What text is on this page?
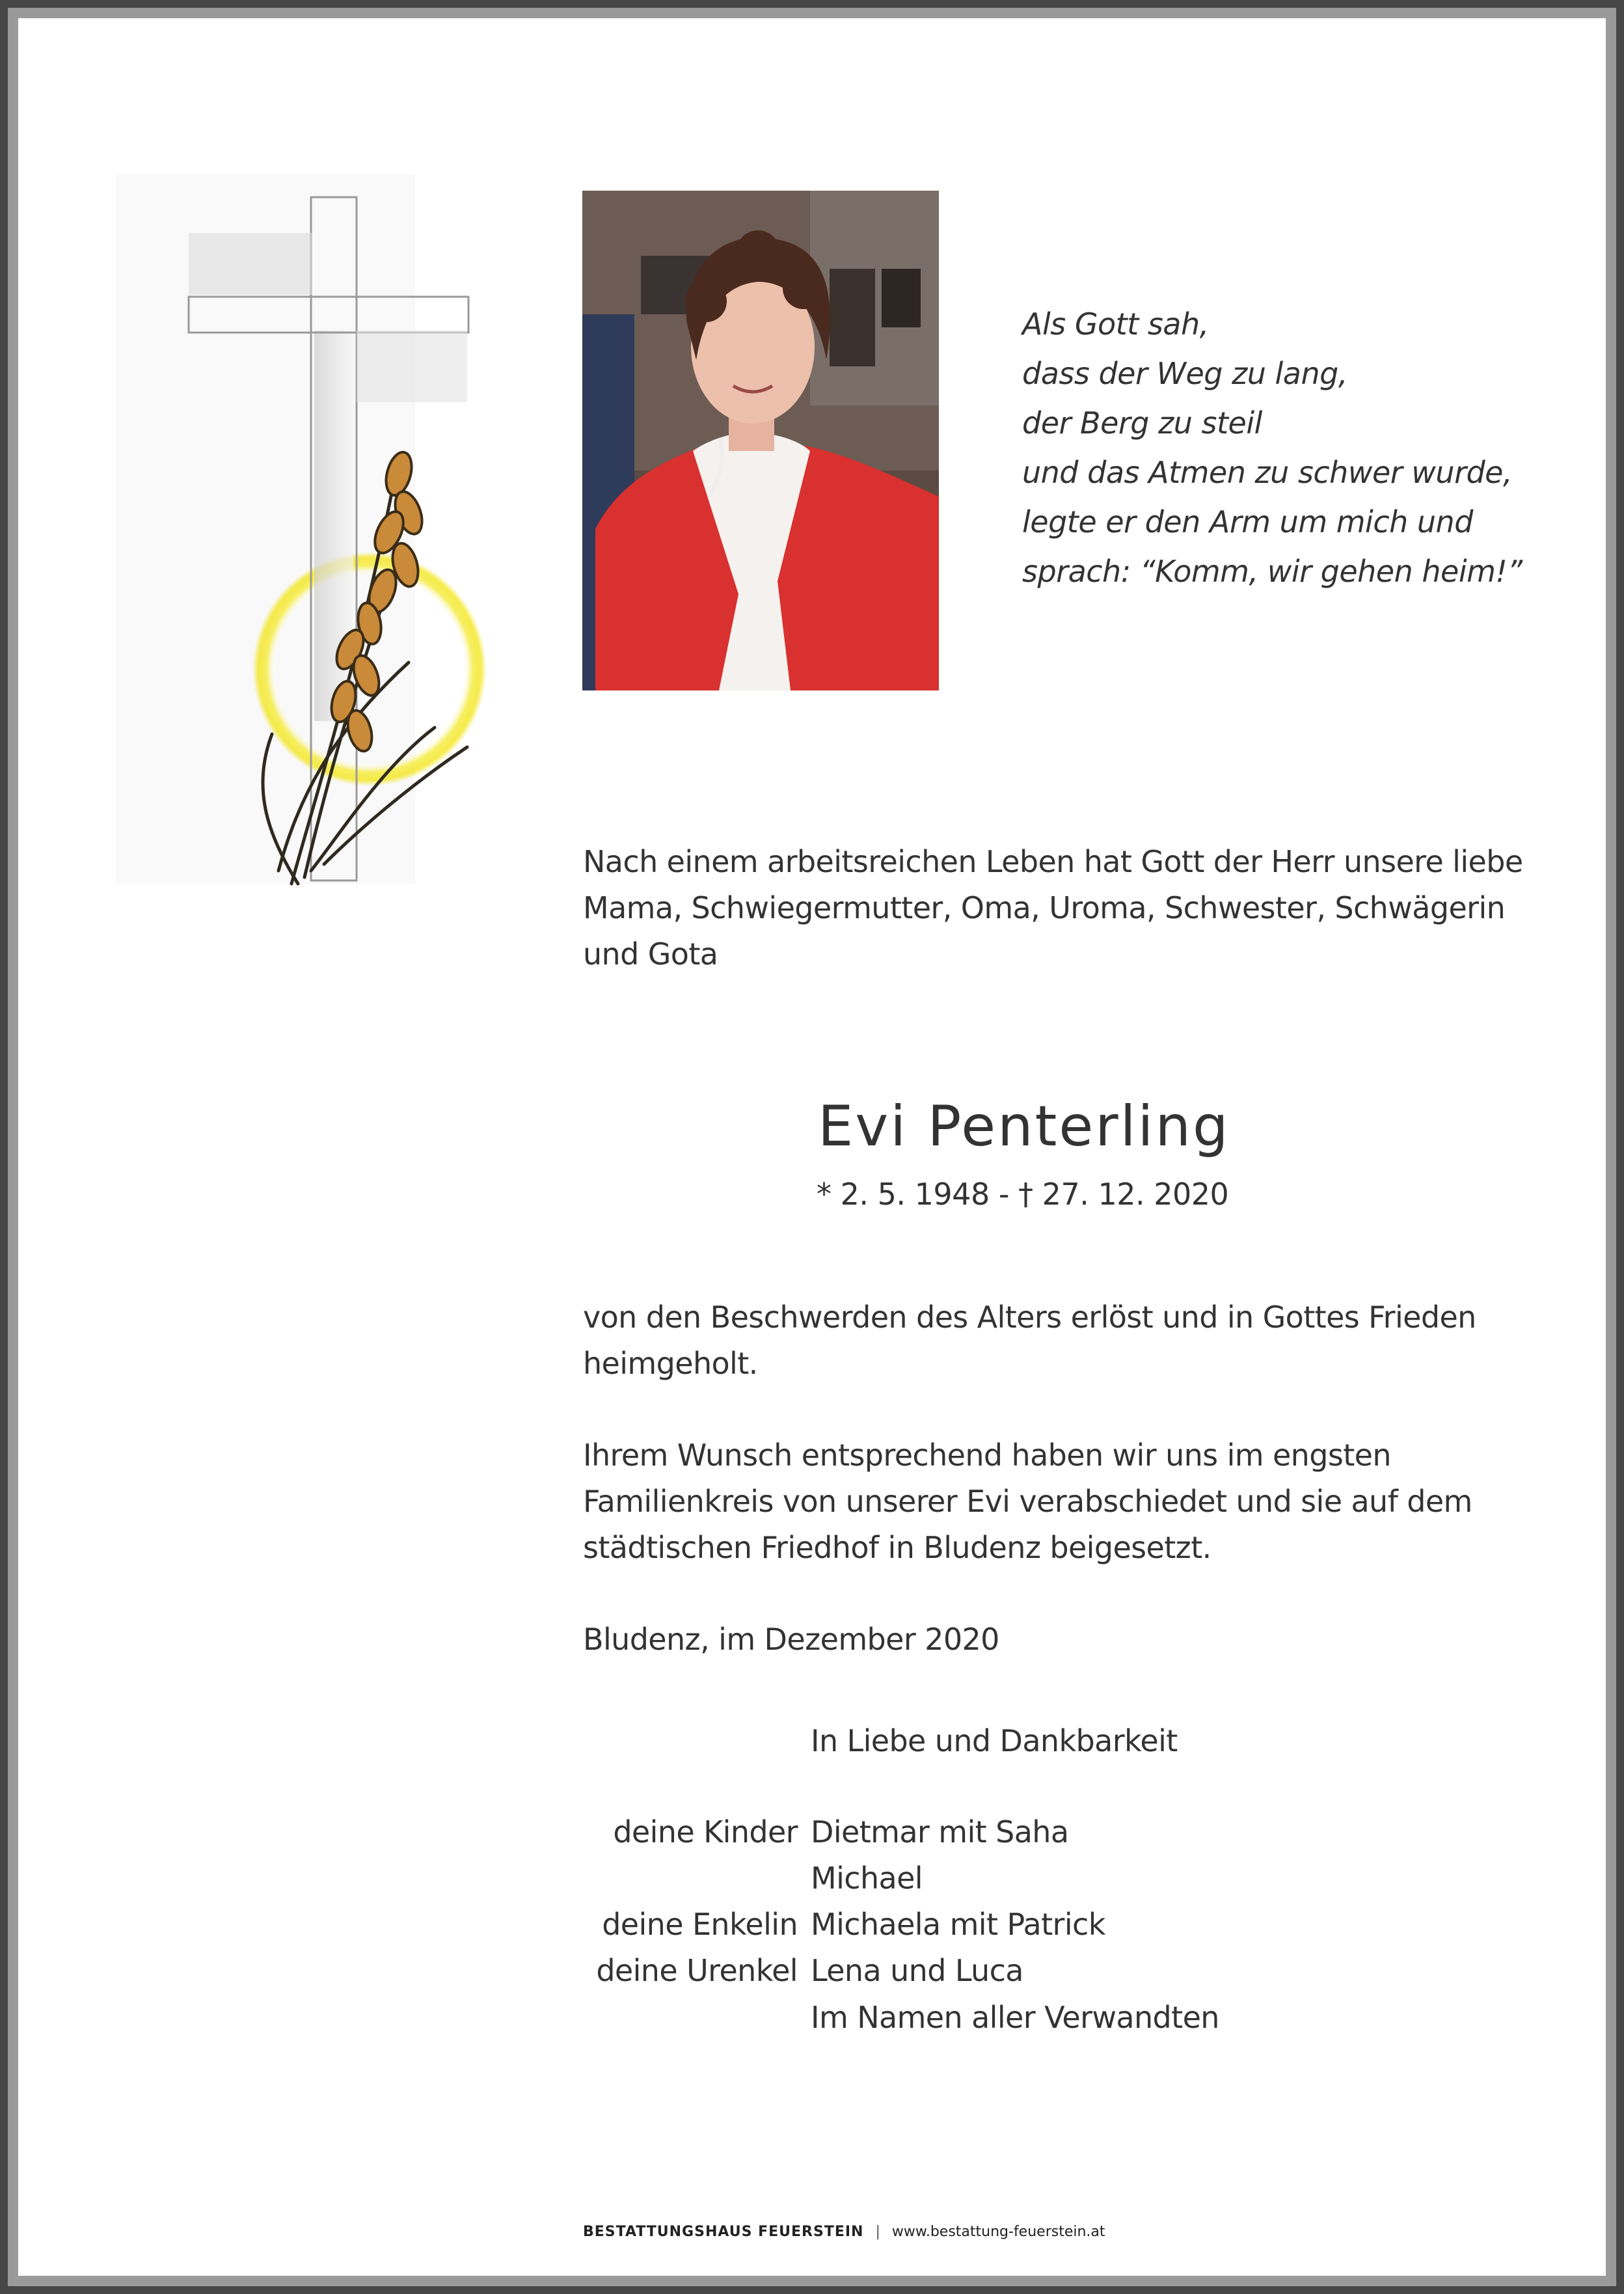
Als Gott sah,
dass der Weg zu lang,
der Berg zu steil
und das Atmen zu schwer wurde,
legte er den Arm um mich und
sprach: “Komm, wir gehen heim!”
Nach einem arbeitsreichen Leben hat Gott der Herr unsere liebe
Mama, Schwiegermutter, Oma, Uroma, Schwester, Schwägerin
und Gota
Evi Penterling
* 2. 5. 1948 - † 27. 12. 2020
von den Beschwerden des Alters erlöst und in Gottes Frieden
heimgeholt.
Ihrem Wunsch entsprechend haben wir uns im engsten
Familienkreis von unserer Evi verabschiedet und sie auf dem
städtischen Friedhof in Bludenz beigesetzt.
Bludenz, im Dezember 2020
In Liebe und Dankbarkeit
deine Kinder Dietmar mit Saha
Michael
deine Enkelin Michaela mit Patrick
deine Urenkel Lena und Luca
Im Namen aller Verwandten
BESTATTUNGSHAUS FEUERSTEIN | www.bestattung-feuerstein.at
